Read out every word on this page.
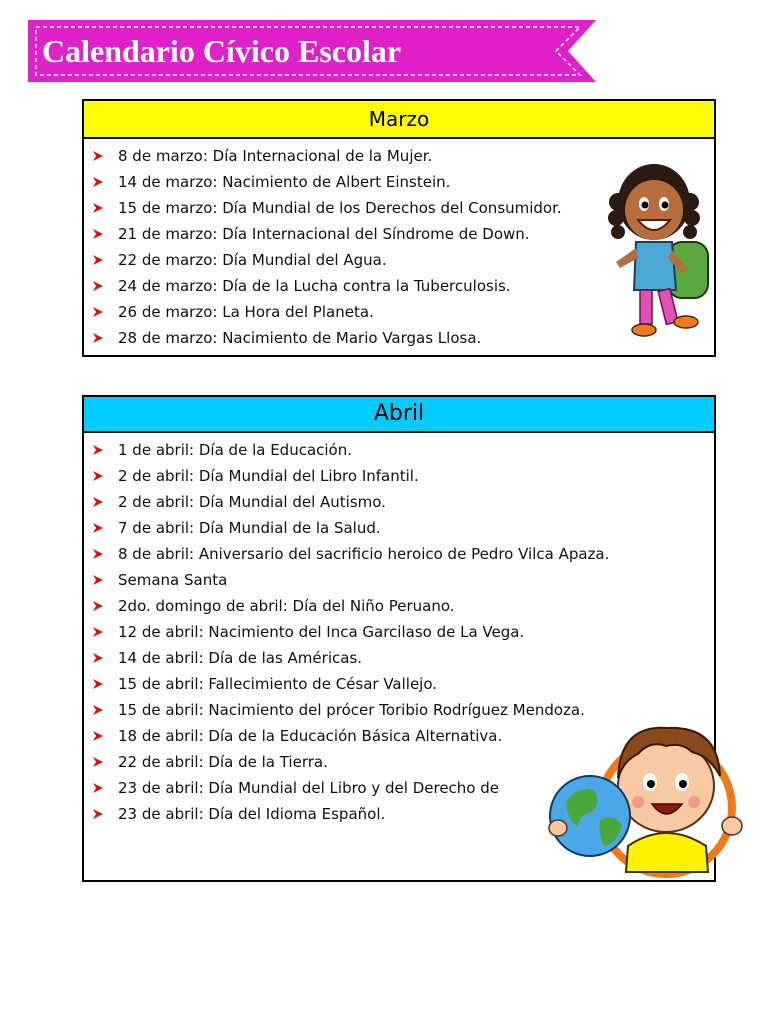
Calendario Cívico Escolar
Marzo
8 de marzo: Día Internacional de la Mujer.
14 de marzo: Nacimiento de Albert Einstein.
15 de marzo: Día Mundial de los Derechos del Consumidor.
21 de marzo: Día Internacional del Síndrome de Down.
22 de marzo: Día Mundial del Agua.
24 de marzo: Día de la Lucha contra la Tuberculosis.
26 de marzo: La Hora del Planeta.
28 de marzo: Nacimiento de Mario Vargas Llosa.
Abril
1 de abril: Día de la Educación.
2 de abril: Día Mundial del Libro Infantil.
2 de abril: Día Mundial del Autismo.
7 de abril: Día Mundial de la Salud.
8 de abril: Aniversario del sacrificio heroico de Pedro Vilca Apaza.
Semana Santa
2do. domingo de abril: Día del Niño Peruano.
12 de abril: Nacimiento del Inca Garcilaso de La Vega.
14 de abril: Día de las Américas.
15 de abril: Fallecimiento de César Vallejo.
15 de abril: Nacimiento del prócer Toribio Rodríguez Mendoza.
18 de abril: Día de la Educación Básica Alternativa.
22 de abril: Día de la Tierra.
23 de abril: Día Mundial del Libro y del Derecho de
23 de abril: Día del Idioma Español.
